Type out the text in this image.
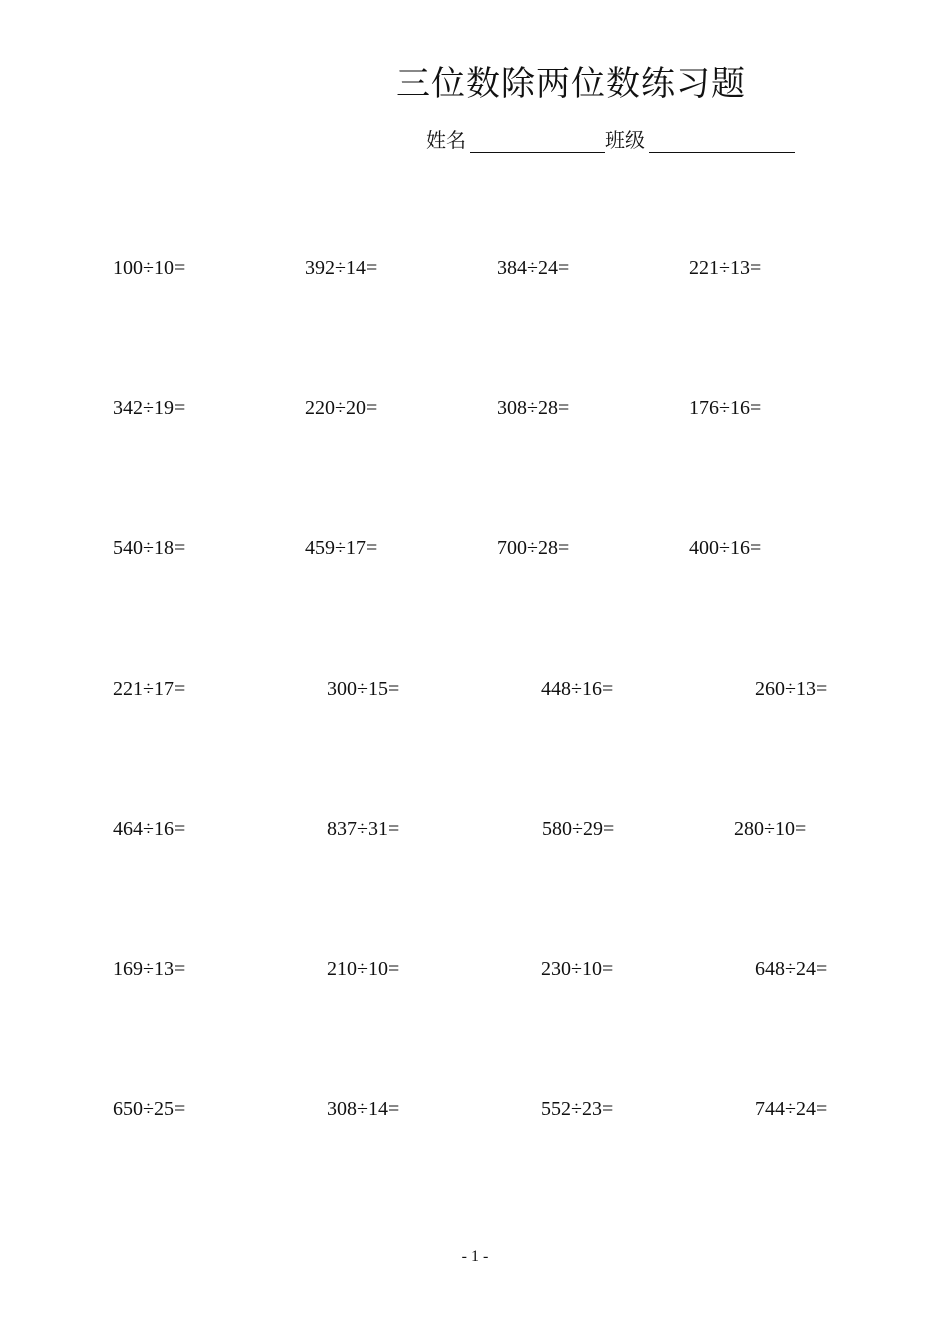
三位数除两位数练习题
姓名	班级
100÷10=	392÷14=	384÷24=	221÷13=
342÷19=	220÷20=	308÷28=	176÷16=
540÷18=	459÷17=	700÷28=	400÷16=
221÷17=	300÷15=	448÷16=	260÷13=
464÷16=	837÷31=	580÷29=	280÷10=
169÷13=	210÷10=	230÷10=	648÷24=
650÷25=	308÷14=	552÷23=	744÷24=
- 1 -
